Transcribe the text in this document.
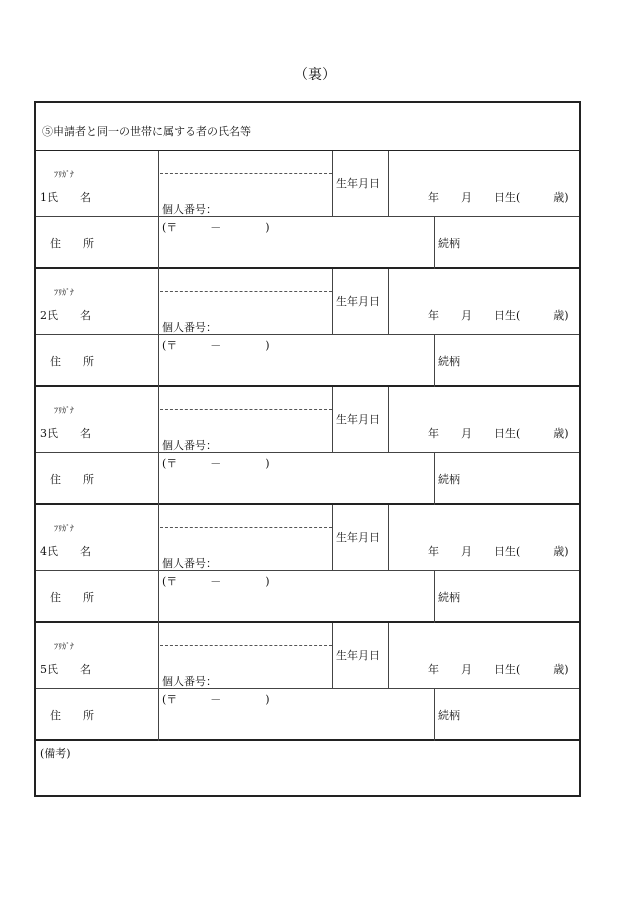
（裏）
⑤申請者と同一の世帯に属する者の氏名等
ﾌﾘｶﾞﾅ
1氏　　名
個人番号：
生年月日
年　　月　　日生(　　　歳)
住　　所
(〒　　　－　　　　)
続柄
ﾌﾘｶﾞﾅ
2氏　　名
個人番号：
生年月日
年　　月　　日生(　　　歳)
住　　所
(〒　　　－　　　　)
続柄
ﾌﾘｶﾞﾅ
3氏　　名
個人番号：
生年月日
年　　月　　日生(　　　歳)
住　　所
(〒　　　－　　　　)
続柄
ﾌﾘｶﾞﾅ
4氏　　名
個人番号：
生年月日
年　　月　　日生(　　　歳)
住　　所
(〒　　　－　　　　)
続柄
ﾌﾘｶﾞﾅ
5氏　　名
個人番号：
生年月日
年　　月　　日生(　　　歳)
住　　所
(〒　　　－　　　　)
続柄
(備考)
